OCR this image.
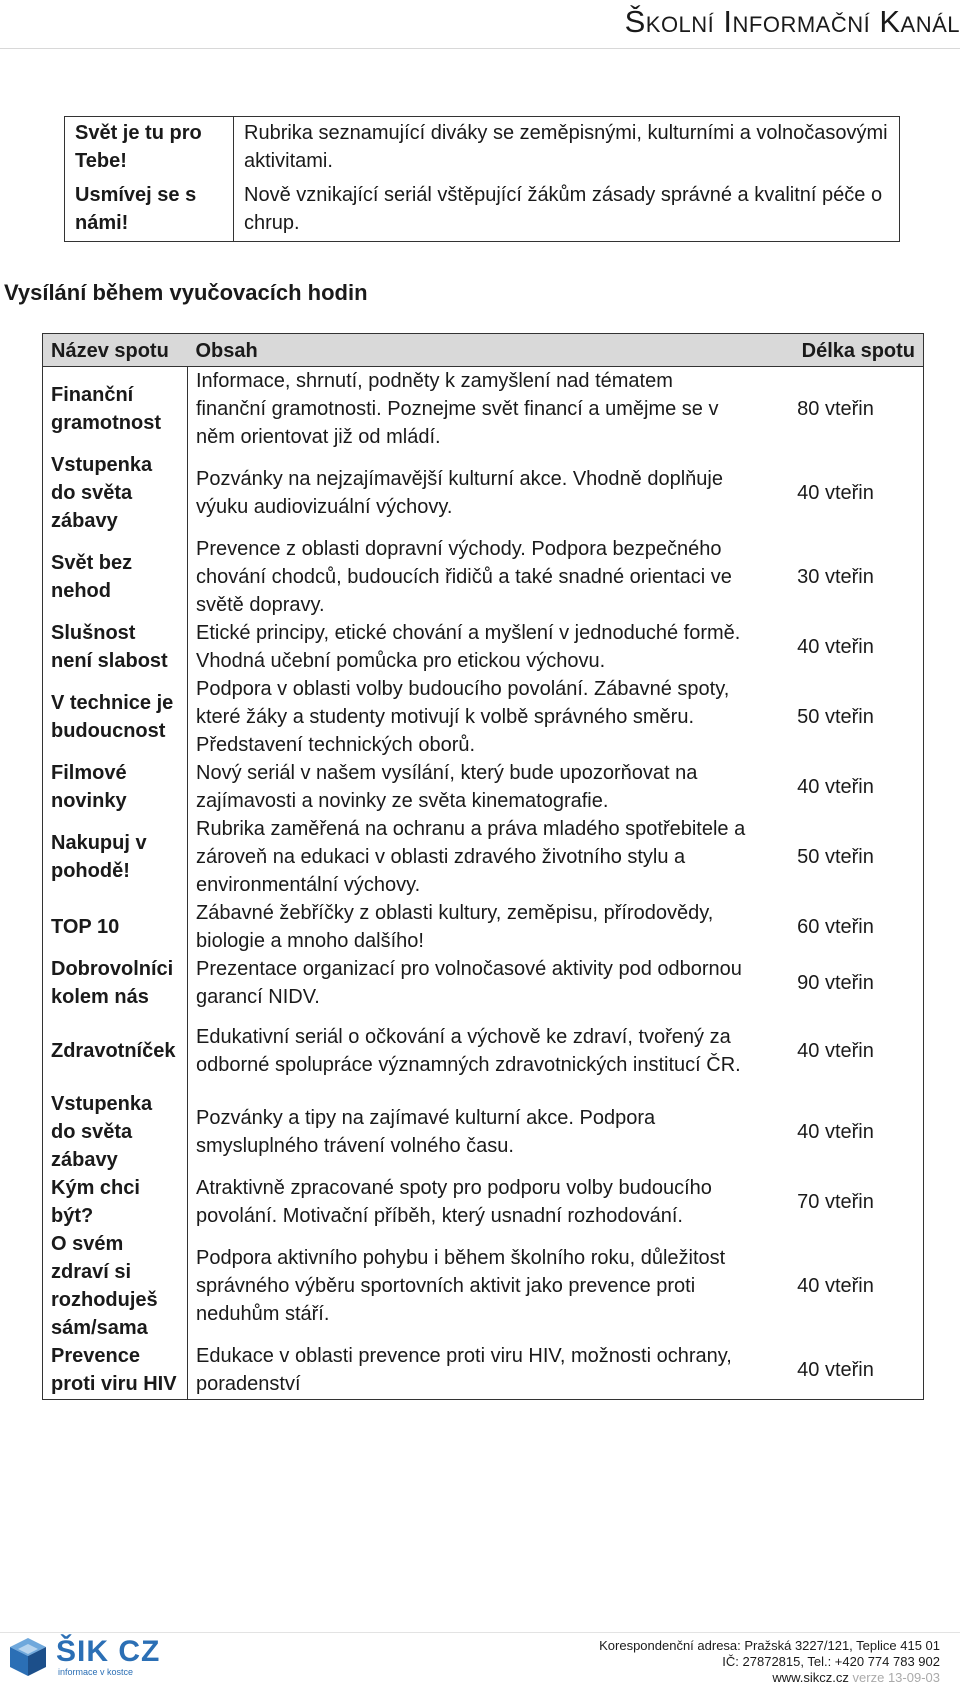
Školní Informační Kanál
Svět je tu pro Tebe!	Rubrika seznamující diváky se zeměpisnými, kulturními a volnočasovými aktivitami.
Usmívej se s námi!	Nově vznikající seriál vštěpující žákům zásady správné a kvalitní péče o chrup.
Vysílání během vyučovacích hodin
Název spotu	Obsah	Délka spotu
Finanční gramotnost	Informace, shrnutí, podněty k zamyšlení nad tématem finanční gramotnosti. Poznejme svět financí a umějme se v něm orientovat již od mládí.	80 vteřin
Vstupenka do světa zábavy	Pozvánky na nejzajímavější kulturní akce. Vhodně doplňuje výuku audiovizuální výchovy.	40 vteřin
Svět bez nehod	Prevence z oblasti dopravní východy. Podpora bezpečného chování chodců, budoucích řidičů a také snadné orientaci ve světě dopravy.	30 vteřin
Slušnost není slabost	Etické principy, etické chování a myšlení v jednoduché formě. Vhodná učební pomůcka pro etickou výchovu.	40 vteřin
V technice je budoucnost	Podpora v oblasti volby budoucího povolání. Zábavné spoty, které žáky a studenty motivují k volbě správného směru. Představení technických oborů.	50 vteřin
Filmové novinky	Nový seriál v našem vysílání, který bude upozorňovat na zajímavosti a novinky ze světa kinematografie.	40 vteřin
Nakupuj v pohodě!	Rubrika zaměřená na ochranu a práva mladého spotřebitele a zároveň na edukaci v oblasti zdravého životního stylu a environmentální výchovy.	50 vteřin
TOP 10	Zábavné žebříčky z oblasti kultury, zeměpisu, přírodovědy, biologie a mnoho dalšího!	60 vteřin
Dobrovolníci kolem nás	Prezentace organizací pro volnočasové aktivity pod odbornou garancí NIDV.	90 vteřin
Zdravotníček	Edukativní seriál o očkování a výchově ke zdraví, tvořený za odborné spolupráce významných zdravotnických institucí ČR.	40 vteřin
Vstupenka do světa zábavy	Pozvánky a tipy na zajímavé kulturní akce. Podpora smysluplného trávení volného času.	40 vteřin
Kým chci být?	Atraktivně zpracované spoty pro podporu volby budoucího povolání. Motivační příběh, který usnadní rozhodování.	70 vteřin
O svém zdraví si rozhoduješ sám/sama	Podpora aktivního pohybu i během školního roku, důležitost správného výběru sportovních aktivit jako prevence proti neduhům stáří.	40 vteřin
Prevence proti viru HIV	Edukace v oblasti prevence proti viru HIV, možnosti ochrany, poradenství	40 vteřin
ŠIK CZ
informace v kostce
Korespondenční adresa: Pražská 3227/121, Teplice 415 01
IČ: 27872815, Tel.: +420 774 783 902
www.sikcz.cz verze 13-09-03
